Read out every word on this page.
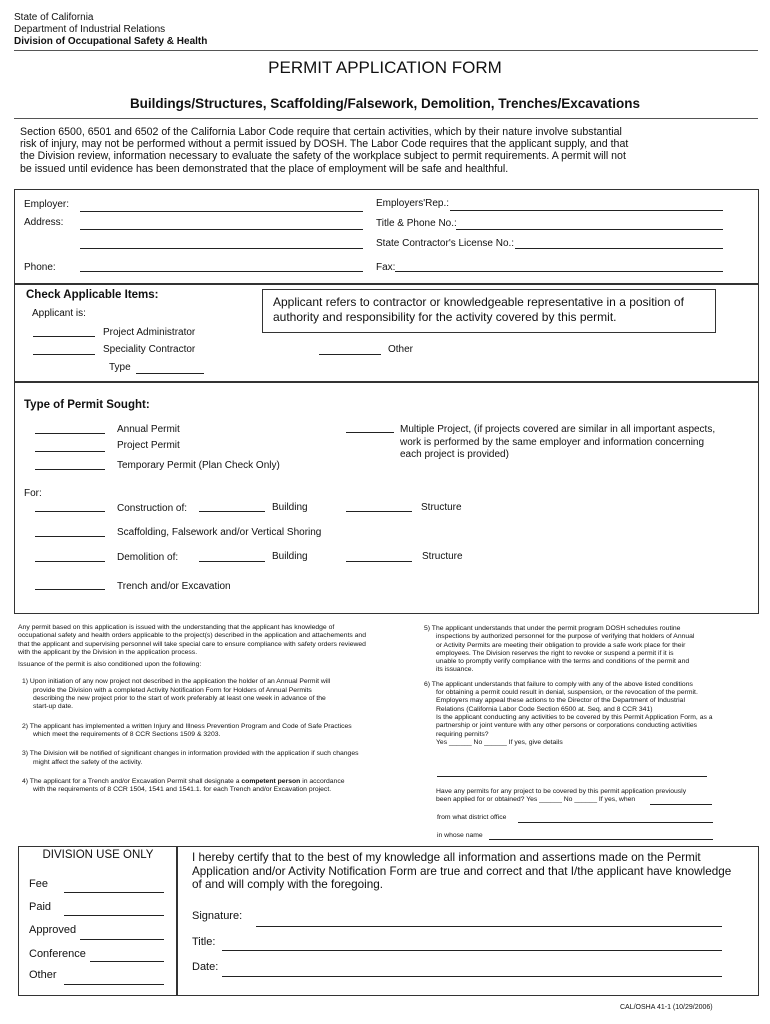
State of California
Department of Industrial Relations
Division of Occupational Safety & Health
PERMIT APPLICATION FORM
Buildings/Structures, Scaffolding/Falsework, Demolition, Trenches/Excavations
Section 6500, 6501 and 6502 of the California Labor Code require that certain activities, which by their nature involve substantial
risk of injury, may not be performed without a permit issued by DOSH. The Labor Code requires that the applicant supply, and that
the Division review, information necessary to evaluate the safety of the workplace subject to permit requirements. A permit will not
be issued until evidence has been demonstrated that the place of employment will be safe and healthful.
Employer:
Address:
Phone:
Employers'Rep.:
Title & Phone No.:
State Contractor's License No.:
Fax:
Check Applicable Items:
Applicant is:
Project Administrator
Speciality Contractor
Type
Other
Applicant refers to contractor or knowledgeable representative in a position of
authority and responsibility for the activity covered by this permit.
Type of Permit Sought:
Annual Permit
Project Permit
Temporary Permit (Plan Check Only)
Multiple Project, (if projects covered are similar in all important aspects,
work is performed by the same employer and information concerning
each project is provided)
For:
Construction of:	Building	Structure
Scaffolding, Falsework and/or Vertical Shoring
Demolition of:	Building	Structure
Trench and/or Excavation
Any permit based on this application is issued with the understanding that the applicant has knowledge of
occupational safety and health orders applicable to the project(s) described in the application and attachements and
that the applicant and supervising personnel will take special care to ensure compliance with safety orders reviewed
with the applicant by the Division in the application process.
Issuance of the permit is also conditioned upon the following:
1) Upon initiation of any now project not described in the application the holder of an Annual Permit will
provide the Division with a completed Activity Notification Form for Holders of Annual Permits
describing the new project prior to the start of work preferably at least one week in advance of the
start-up date.
2) The applicant has implemented a written Injury and Illness Prevention Program and Code of Safe Practices
which meet the requirements of 8 CCR Sections 1509 & 3203.
3) The Division will be notified of significant changes in information provided with the application if such changes
might affect the safety of the activity.
4) The applicant for a Trench and/or Excavation Permit shall designate a competent person in accordance
with the requirements of 8 CCR 1504, 1541 and 1541.1. for each Trench and/or Excavation project.
5) The applicant understands that under the permit program DOSH schedules routine
inspections by authorized personnel for the purpose of verifying that holders of Annual
or Activity Permits are meeting their obligation to provide a safe work place for their
employees. The Division reserves the right to revoke or suspend a permit if it is
unable to promptly verify compliance with the terms and conditions of the permit and
its issuance.
6) The applicant understands that failure to comply with any of the above listed conditions
for obtaining a permit could result in denial, suspension, or the revocation of the permit.
Employers may appeal these actions to the Director of the Department of Industrial
Relations (California Labor Code Section 6500 at. Seq. and 8 CCR 341)
Is the applicant conducting any activities to be covered by this Permit Application Form, as a
partnership or joint venture with any other persons or corporations conducting activities
requiring pernits?
Yes ______ No ______ If yes, give details
Have any permits for any project to be covered by this permit application previously
been applied for or obtained? Yes ______ No ______ If yes, when
from what district office
in whose name
DIVISION USE ONLY
Fee
Paid
Approved
Conference
Other
I hereby certify that to the best of my knowledge all information and assertions made on the Permit
Application and/or Activity Notification Form are true and correct and that I/the applicant have knowledge
of and will comply with the foregoing.
Signature:
Title:
Date:
CAL/OSHA 41-1 (10/29/2006)
